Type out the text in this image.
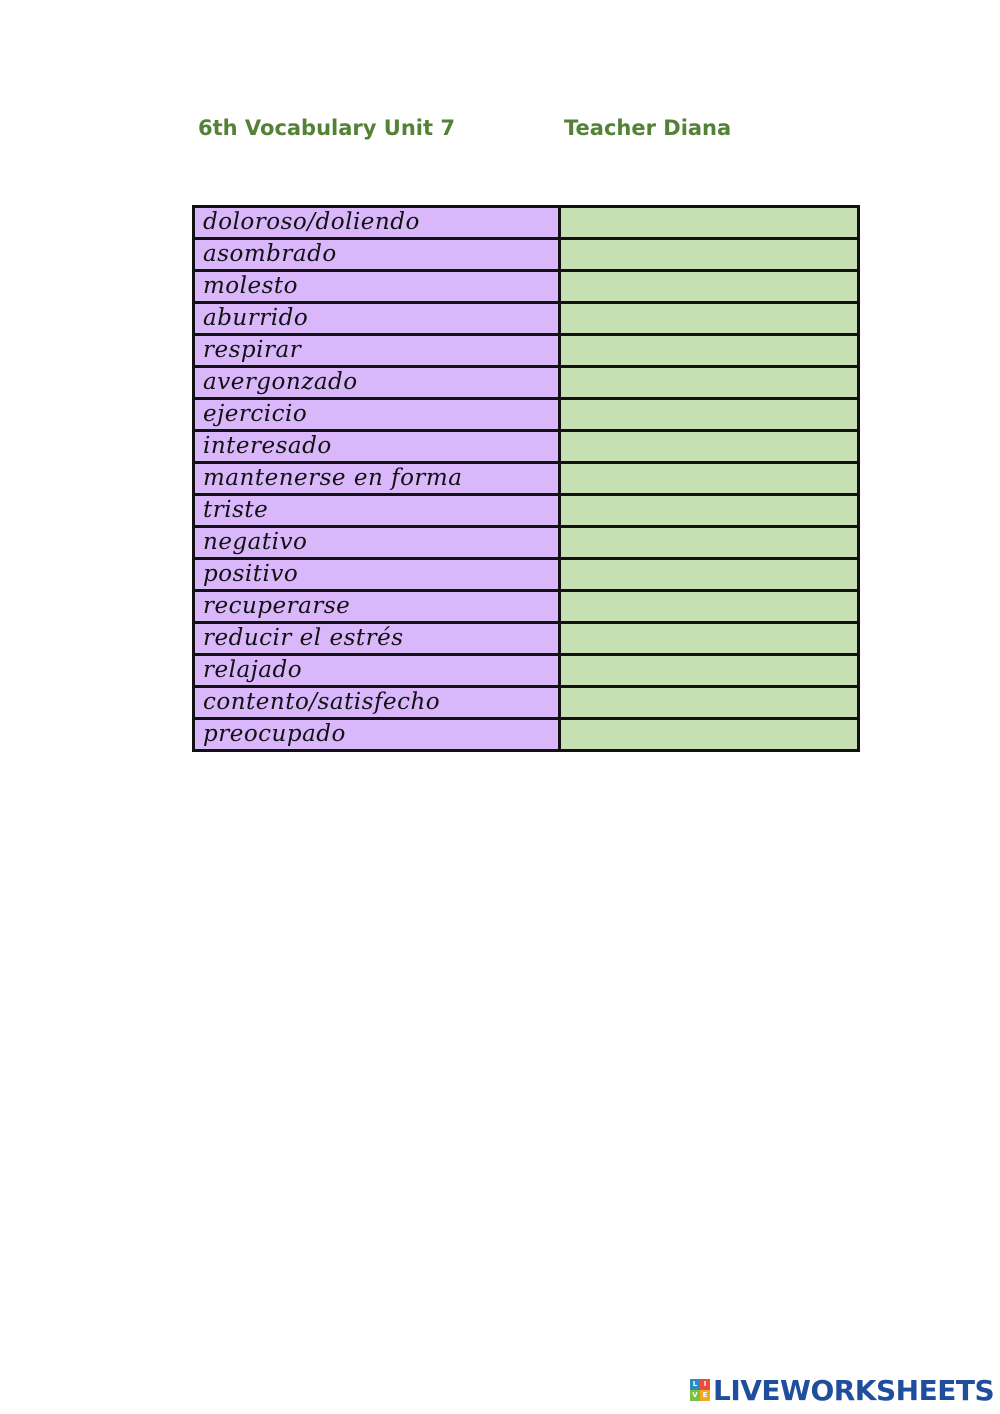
6th Vocabulary Unit 7	Teacher Diana
doloroso/doliendo	
asombrado	
molesto	
aburrido	
respirar	
avergonzado	
ejercicio	
interesado	
mantenerse en forma	
triste	
negativo	
positivo	
recuperarse	
reducir el estrés	
relajado	
contento/satisfecho	
preocupado	
L I
V E LIVEWORKSHEETS
